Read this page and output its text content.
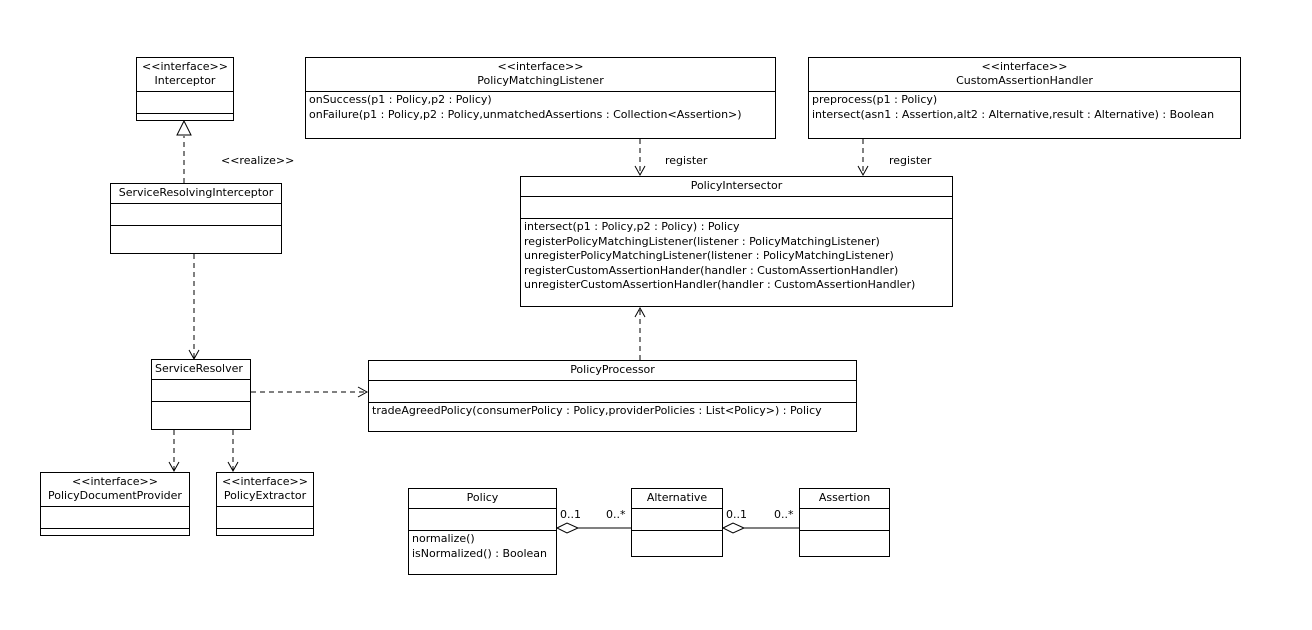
<<interface>>
Interceptor
<<realize>>
ServiceResolvingInterceptor
ServiceResolver
<<interface>>
PolicyDocumentProvider
<<interface>>
PolicyExtractor
<<interface>>
PolicyMatchingListener
onSuccess(p1 : Policy,p2 : Policy)
onFailure(p1 : Policy,p2 : Policy,unmatchedAssertions : Collection<Assertion>)
<<interface>>
CustomAssertionHandler
preprocess(p1 : Policy)
intersect(asn1 : Assertion,alt2 : Alternative,result : Alternative) : Boolean
register	register
PolicyIntersector
intersect(p1 : Policy,p2 : Policy) : Policy
registerPolicyMatchingListener(listener : PolicyMatchingListener)
unregisterPolicyMatchingListener(listener : PolicyMatchingListener)
registerCustomAssertionHander(handler : CustomAssertionHandler)
unregisterCustomAssertionHandler(handler : CustomAssertionHandler)
PolicyProcessor
tradeAgreedPolicy(consumerPolicy : Policy,providerPolicies : List<Policy>) : Policy
Policy
normalize()
isNormalized() : Boolean
Alternative	Assertion
0..1 0..*	0..1 0..*
